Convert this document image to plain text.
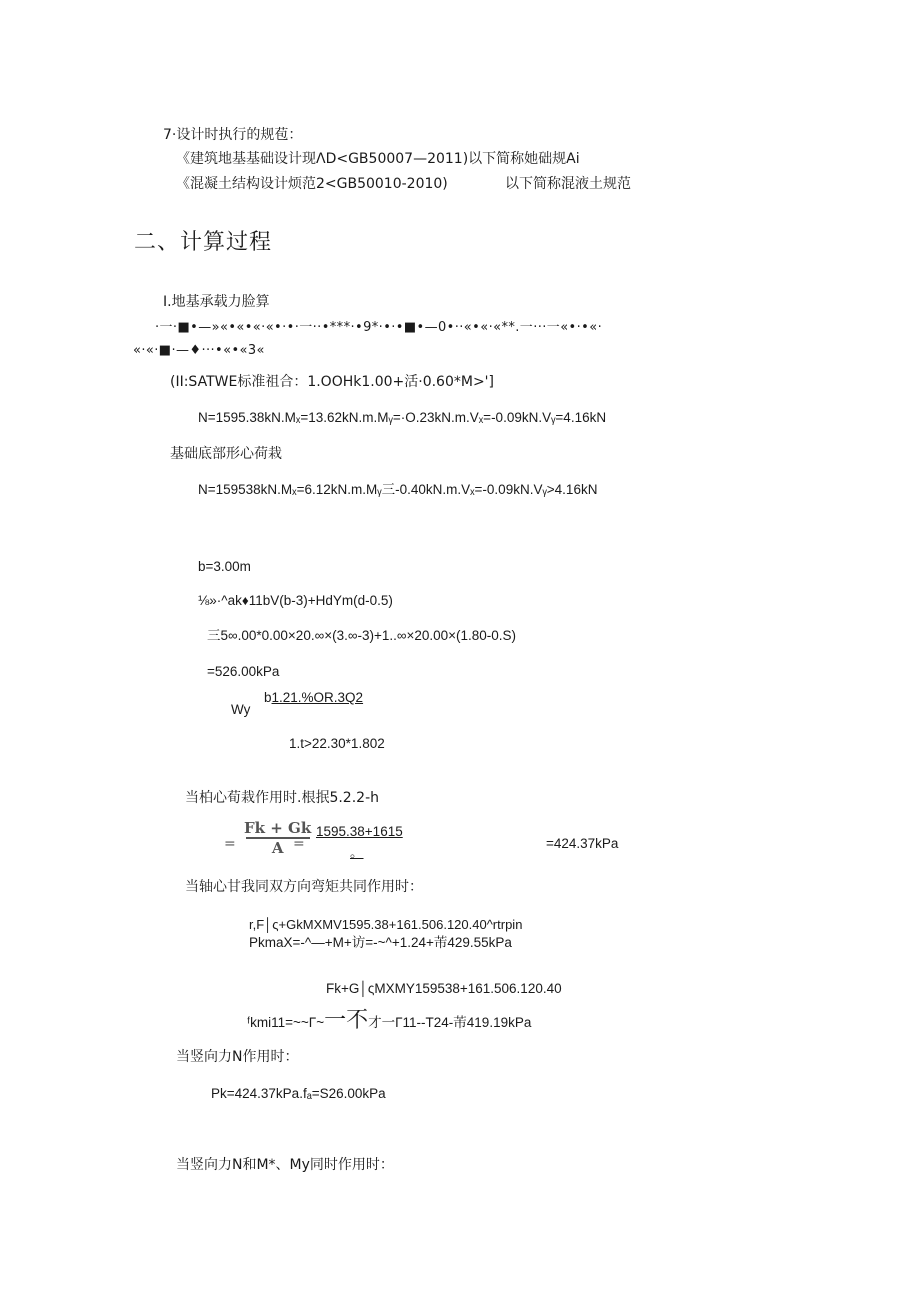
7·设计时执行的规苞：
《建筑地基基础设计现ΛD<GB50007—2011)以下简称她础规Ai
《混凝土结构设计烦范2<GB50010-2010)	以下简称混液土规范
二、计算过程
I.地基承载力脸算
·一·■•—»«•«•«·«•·•·一··•***·•9*·•·•■•—0•··«•«·«**.一···一«•·•«·
«·«·■·—♦···•«•«3«
(II:SATWE标准祖合：1.OOHk1.00+活·0.60*M>']
N=1595.38kN.Mₓ=13.62kN.m.Mᵧ=·O.23kN.m.Vₓ=-0.09kN.Vᵧ=4.16kN
基础底部形心荷栽
N=159538kN.Mₓ=6.12kN.m.Mᵧ三-0.40kN.m.Vₓ=-0.09kN.Vᵧ>4.16kN
b=3.00m
⅛»·^ak♦11bV(b-3)+HdYm(d-0.5)
三5∞.00*0.00×20.∞×(3.∞-3)+1..∞×20.00×(1.80-0.S)
=526.00kPa
b1.21.%OR.3Q2
Wy
1.t>22.30*1.802
当柏心荀栽作用时.根抿5.2.2-h
=
Fk + Gk
A =
1595.38+1615
。
=424.37kPa
当轴心甘我同双方向弯矩共同作用时：
r,F│ς+GkMXMV1595.38+161.506.120.40^rtrpin
PkmaX=-^—+M+访=-~^+1.24+芾429.55kPa
Fk+G│ςMXMY159538+161.506.120.40
ᶠkmi11=~~Γ~一不才一Γ11--T24-芾419.19kPa
当竖向力N作用时：
Pk=424.37kPa.fₐ=S26.00kPa
当竖向力N和M*、My同时作用时：
